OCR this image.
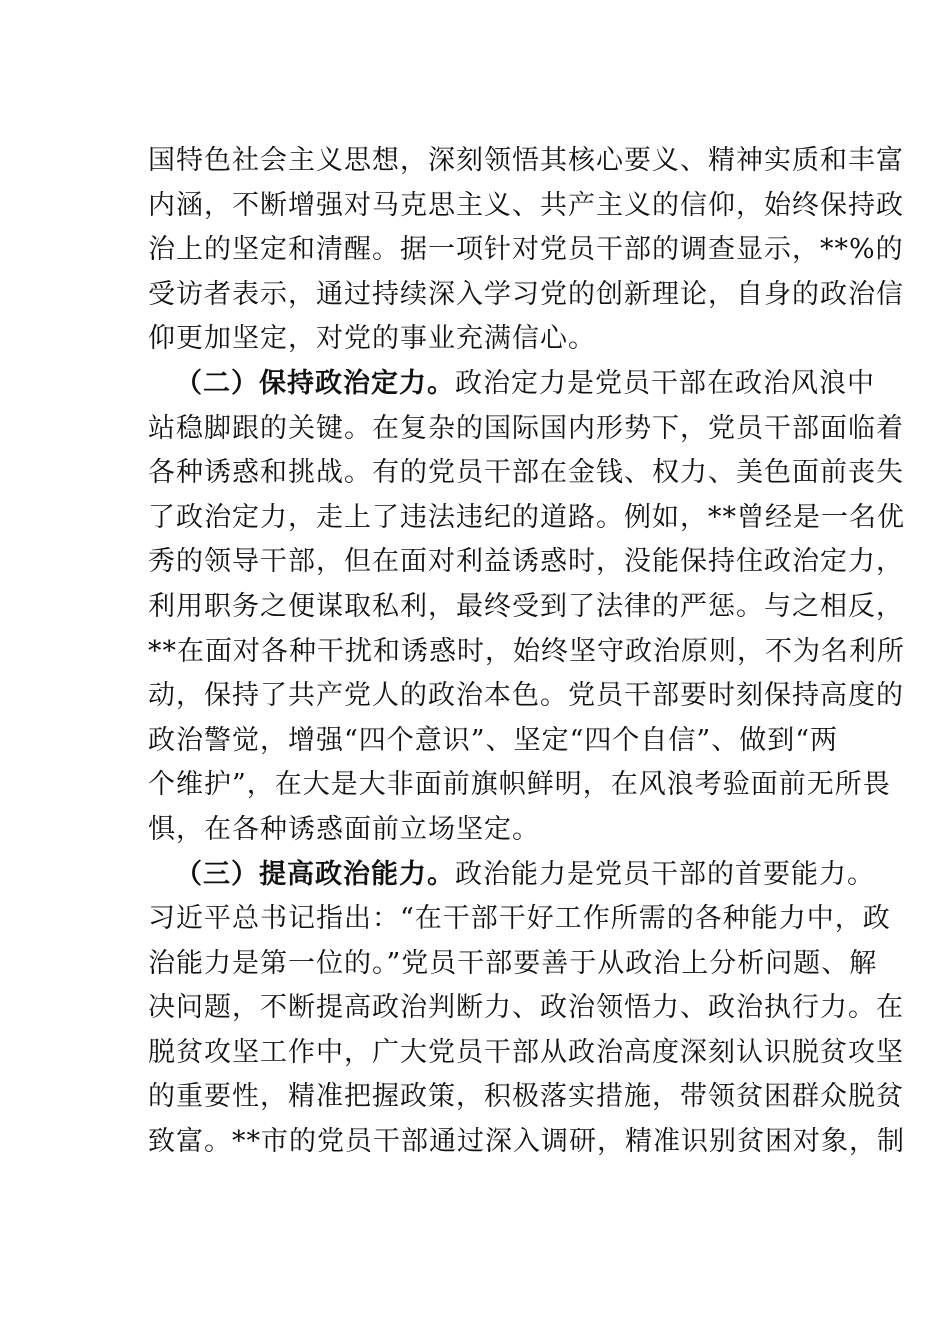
国特色社会主义思想，深刻领悟其核心要义、精神实质和丰富
内涵，不断增强对马克思主义、共产主义的信仰，始终保持政
治上的坚定和清醒。据一项针对党员干部的调查显示，**%的
受访者表示，通过持续深入学习党的创新理论，自身的政治信
仰更加坚定，对党的事业充满信心。
（二）保持政治定力。政治定力是党员干部在政治风浪中
站稳脚跟的关键。在复杂的国际国内形势下，党员干部面临着
各种诱惑和挑战。有的党员干部在金钱、权力、美色面前丧失
了政治定力，走上了违法违纪的道路。例如，**曾经是一名优
秀的领导干部，但在面对利益诱惑时，没能保持住政治定力，
利用职务之便谋取私利，最终受到了法律的严惩。与之相反，
**在面对各种干扰和诱惑时，始终坚守政治原则，不为名利所
动，保持了共产党人的政治本色。党员干部要时刻保持高度的
政治警觉，增强“四个意识”、坚定“四个自信”、做到“两
个维护”，在大是大非面前旗帜鲜明，在风浪考验面前无所畏
惧，在各种诱惑面前立场坚定。
（三）提高政治能力。政治能力是党员干部的首要能力。
习近平总书记指出：“在干部干好工作所需的各种能力中，政
治能力是第一位的。”党员干部要善于从政治上分析问题、解
决问题，不断提高政治判断力、政治领悟力、政治执行力。在
脱贫攻坚工作中，广大党员干部从政治高度深刻认识脱贫攻坚
的重要性，精准把握政策，积极落实措施，带领贫困群众脱贫
致富。**市的党员干部通过深入调研，精准识别贫困对象，制
